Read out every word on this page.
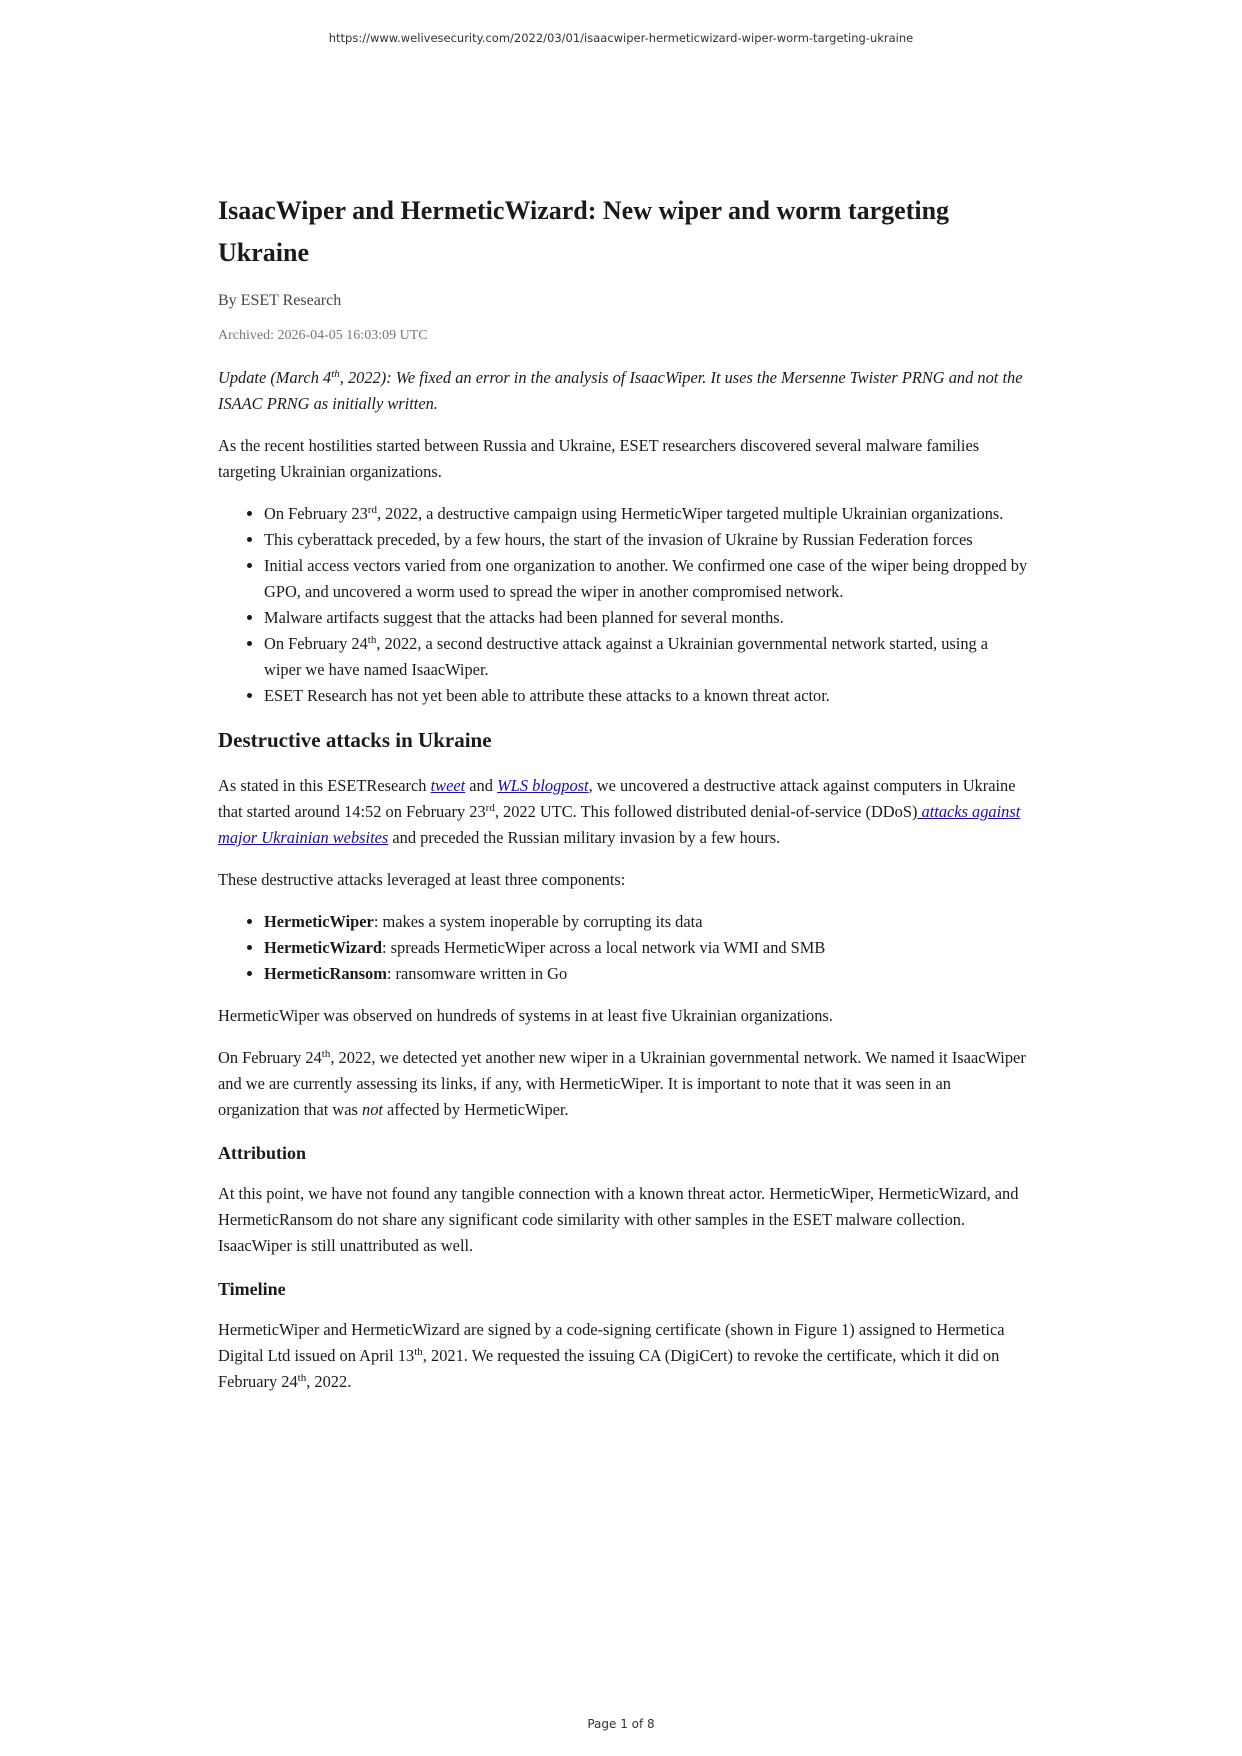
https://www.welivesecurity.com/2022/03/01/isaacwiper-hermeticwizard-wiper-worm-targeting-ukraine
IsaacWiper and HermeticWizard: New wiper and worm targeting Ukraine
By ESET Research
Archived: 2026-04-05 16:03:09 UTC

Update (March 4th, 2022): We fixed an error in the analysis of IsaacWiper. It uses the Mersenne Twister PRNG and not the ISAAC PRNG as initially written.

As the recent hostilities started between Russia and Ukraine, ESET researchers discovered several malware families targeting Ukrainian organizations.

• On February 23rd, 2022, a destructive campaign using HermeticWiper targeted multiple Ukrainian organizations.
• This cyberattack preceded, by a few hours, the start of the invasion of Ukraine by Russian Federation forces
• Initial access vectors varied from one organization to another. We confirmed one case of the wiper being dropped by GPO, and uncovered a worm used to spread the wiper in another compromised network.
• Malware artifacts suggest that the attacks had been planned for several months.
• On February 24th, 2022, a second destructive attack against a Ukrainian governmental network started, using a wiper we have named IsaacWiper.
• ESET Research has not yet been able to attribute these attacks to a known threat actor.
Destructive attacks in Ukraine

As stated in this ESETResearch tweet and WLS blogpost, we uncovered a destructive attack against computers in Ukraine that started around 14:52 on February 23rd, 2022 UTC. This followed distributed denial-of-service (DDoS) attacks against major Ukrainian websites and preceded the Russian military invasion by a few hours.

These destructive attacks leveraged at least three components:

• HermeticWiper: makes a system inoperable by corrupting its data
• HermeticWizard: spreads HermeticWiper across a local network via WMI and SMB
• HermeticRansom: ransomware written in Go

HermeticWiper was observed on hundreds of systems in at least five Ukrainian organizations.

On February 24th, 2022, we detected yet another new wiper in a Ukrainian governmental network. We named it IsaacWiper and we are currently assessing its links, if any, with HermeticWiper. It is important to note that it was seen in an organization that was not affected by HermeticWiper.

Attribution

At this point, we have not found any tangible connection with a known threat actor. HermeticWiper, HermeticWizard, and HermeticRansom do not share any significant code similarity with other samples in the ESET malware collection. IsaacWiper is still unattributed as well.

Timeline

HermeticWiper and HermeticWizard are signed by a code-signing certificate (shown in Figure 1) assigned to Hermetica Digital Ltd issued on April 13th, 2021. We requested the issuing CA (DigiCert) to revoke the certificate, which it did on February 24th, 2022.

Page 1 of 8
